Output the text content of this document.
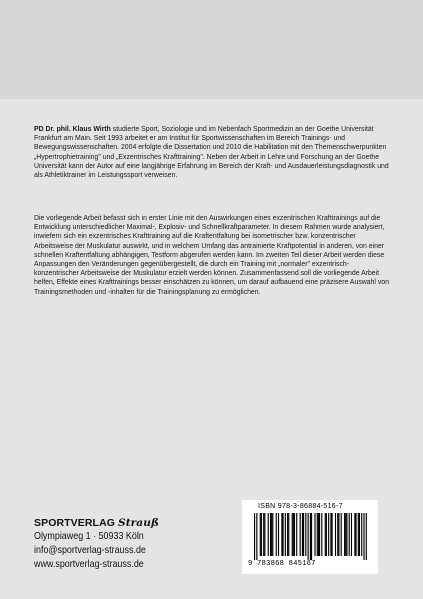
PD Dr. phil. Klaus Wirth studierte Sport, Soziologie und im Nebenfach Sportmedizin an der Goethe Universität Frankfurt am Main. Seit 1993 arbeitet er am Institut für Sportwissenschaften im Bereich Trainings- und Bewegungswissenschaften. 2004 erfolgte die Dissertation und 2010 die Habilitation mit den Themenschwerpunkten „Hypertrophietraining" und „Exzentrisches Krafttraining". Neben der Arbeit in Lehre und Forschung an der Goethe Universität kann der Autor auf eine langjährige Erfahrung im Bereich der Kraft- und Ausdauerleistungsdiagnostik und als Athletiktrainer im Leistungssport verweisen.

Die vorliegende Arbeit befasst sich in erster Linie mit den Auswirkungen eines exzentrischen Krafttrainings auf die Entwicklung unterschiedlicher Maximal-, Explosiv- und Schnellkraftparameter. In diesem Rahmen wurde analysiert, inwiefern sich ein exzentrisches Krafttraining auf die Kraftentfaltung bei isometrischer bzw. konzentrischer Arbeitsweise der Muskulatur auswirkt, und in welchem Umfang das antrainierte Kraftpotential in anderen, von einer schnellen Kraftentfaltung abhängigen, Testform abgerufen werden kann. Im zweiten Teil dieser Arbeit werden diese Anpassungen den Veränderungen gegenübergestellt, die durch ein Training mit „normaler" exzentrisch-konzentrischer Arbeitsweise der Muskulatur erzielt werden können. Zusammenfassend soll die vorliegende Arbeit helfen, Effekte eines Krafttrainings besser einschätzen zu können, um darauf aufbauend eine präzisere Auswahl von Trainingsmethoden und -inhalten für die Trainingsplanung zu ermöglichen.

SPORTVERLAG Strauß
Olympiaweg 1 · 50933 Köln
info@sportverlag-strauss.de
www.sportverlag-strauss.de
ISBN 978-3-86884-516-7
9 783868 845167
